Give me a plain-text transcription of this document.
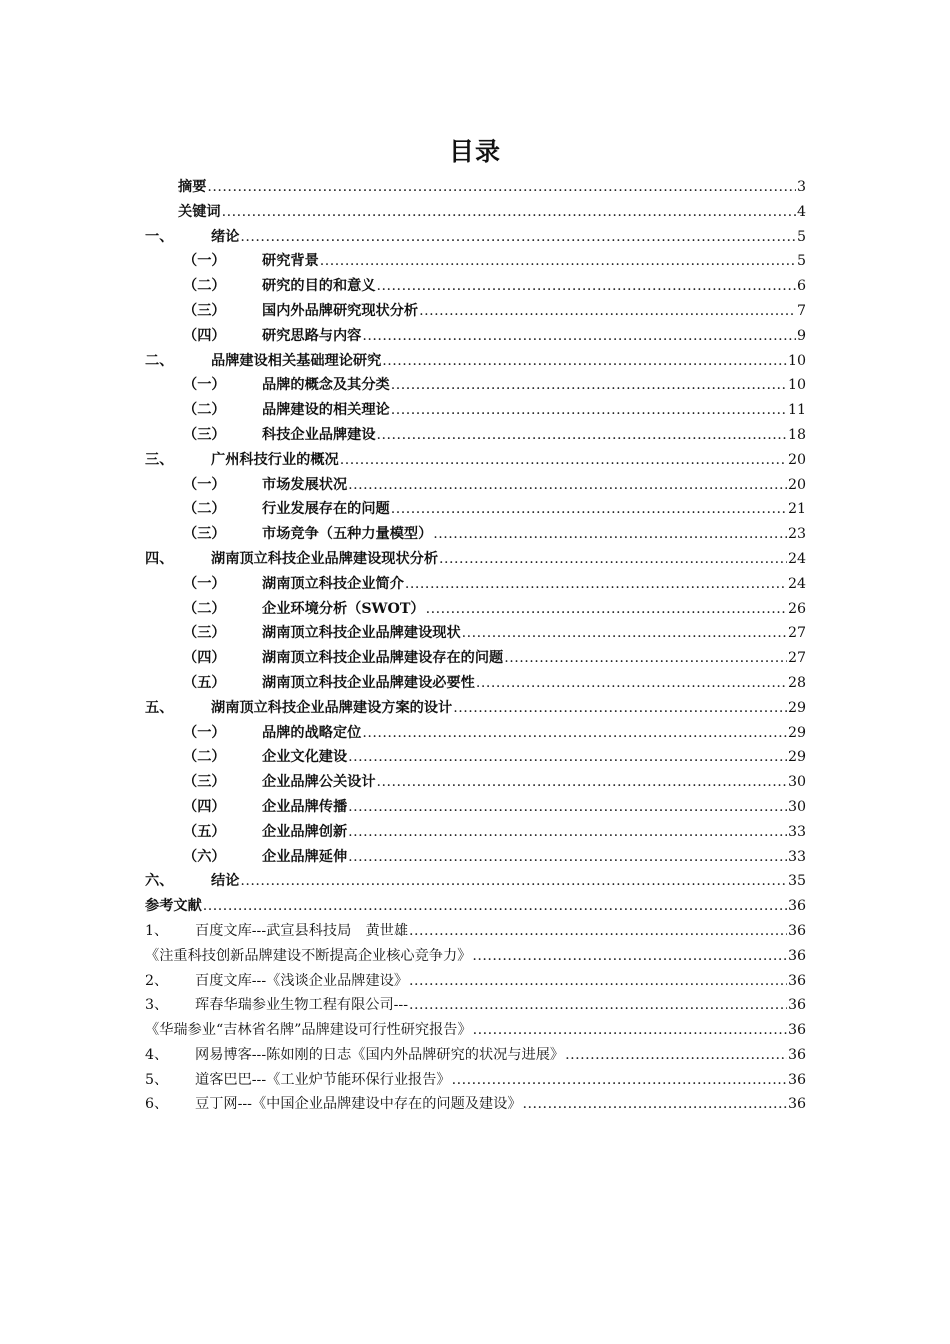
目录
摘要 .....	3
关键词 .....	4
一、	绪论 .....	5
（一）	研究背景 .....	5
（二）	研究的目的和意义 .....	6
（三）	国内外品牌研究现状分析 .....	7
（四）	研究思路与内容 .....	9
二、	品牌建设相关基础理论研究 .....	10
（一）	品牌的概念及其分类 .....	10
（二）	品牌建设的相关理论 .....	11
（三）	科技企业品牌建设 .....	18
三、	广州科技行业的概况 .....	20
（一）	市场发展状况 .....	20
（二）	行业发展存在的问题 .....	21
（三）	市场竞争（五种力量模型） .....	23
四、	湖南顶立科技企业品牌建设现状分析 .....	24
（一）	湖南顶立科技企业简介 .....	24
（二）	企业环境分析（SWOT） .....	26
（三）	湖南顶立科技企业品牌建设现状 .....	27
（四）	湖南顶立科技企业品牌建设存在的问题 .....	27
（五）	湖南顶立科技企业品牌建设必要性 .....	28
五、	湖南顶立科技企业品牌建设方案的设计 .....	29
（一）	品牌的战略定位 .....	29
（二）	企业文化建设 .....	29
（三）	企业品牌公关设计 .....	30
（四）	企业品牌传播 .....	30
（五）	企业品牌创新 .....	33
（六）	企业品牌延伸 .....	33
六、	结论 .....	35
参考文献 .....	36
1、	百度文库---武宣县科技局　黄世雄 .....	36
《注重科技创新品牌建设不断提高企业核心竞争力》 .....	36
2、	百度文库---《浅谈企业品牌建设》 .....	36
3、	珲春华瑞参业生物工程有限公司--- .....	36
《华瑞参业“吉林省名牌”品牌建设可行性研究报告》 .....	36
4、	网易博客---陈如刚的日志《国内外品牌研究的状况与进展》 .....	36
5、	道客巴巴---《工业炉节能环保行业报告》 .....	36
6、	豆丁网---《中国企业品牌建设中存在的问题及建设》 .....	36
